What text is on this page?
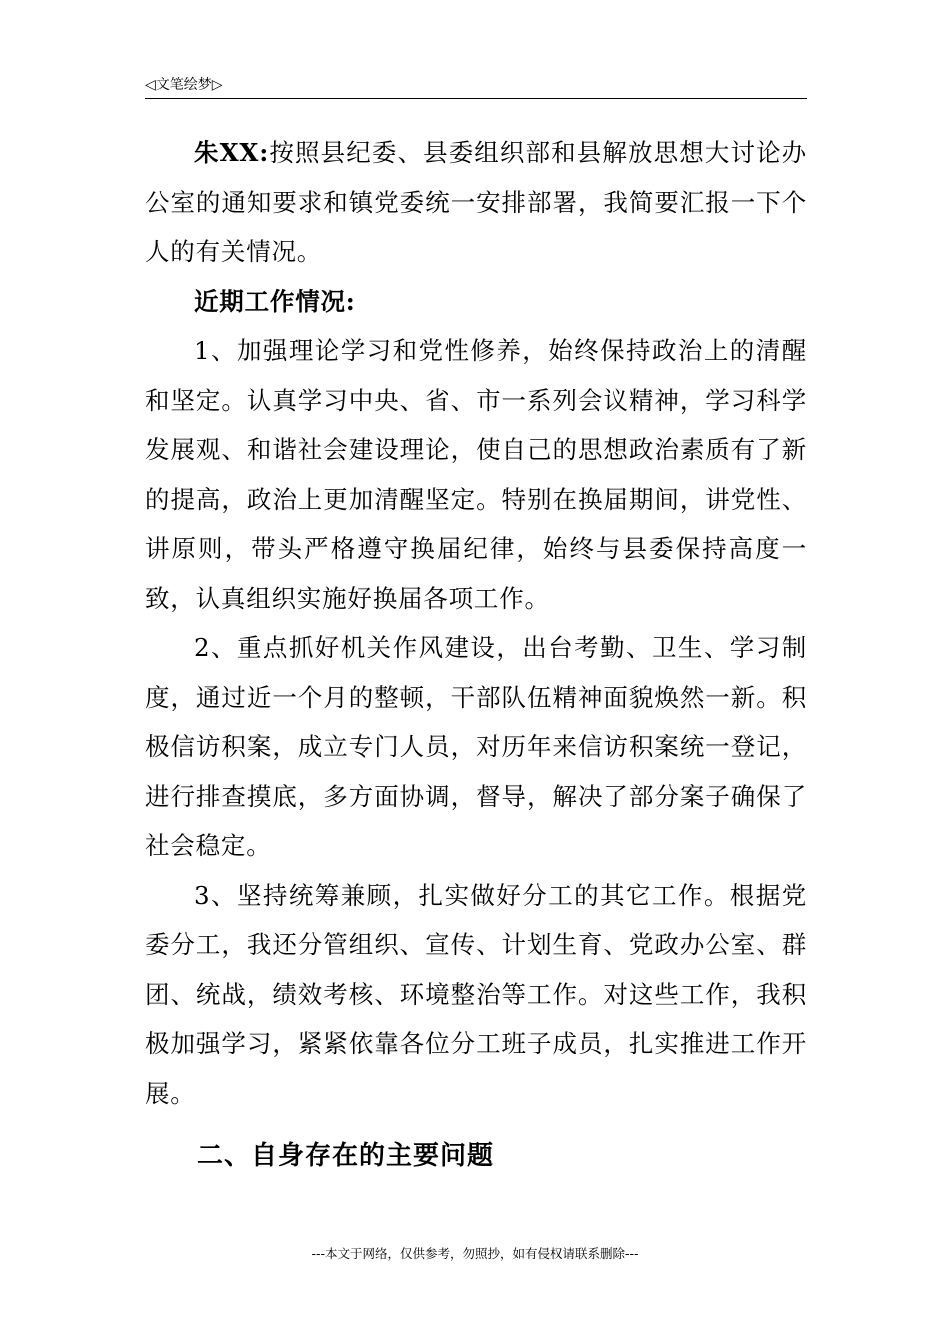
◁文笔绘梦▷

朱XX:按照县纪委、县委组织部和县解放思想大讨论办公室的通知要求和镇党委统一安排部署，我简要汇报一下个人的有关情况。

近期工作情况:

1、加强理论学习和党性修养，始终保持政治上的清醒和坚定。认真学习中央、省、市一系列会议精神，学习科学发展观、和谐社会建设理论，使自己的思想政治素质有了新的提高，政治上更加清醒坚定。特别在换届期间，讲党性、讲原则，带头严格遵守换届纪律，始终与县委保持高度一致，认真组织实施好换届各项工作。

2、重点抓好机关作风建设，出台考勤、卫生、学习制度，通过近一个月的整顿，干部队伍精神面貌焕然一新。积极信访积案，成立专门人员，对历年来信访积案统一登记，进行排查摸底，多方面协调，督导，解决了部分案子确保了社会稳定。

3、坚持统筹兼顾，扎实做好分工的其它工作。根据党委分工，我还分管组织、宣传、计划生育、党政办公室、群团、统战，绩效考核、环境整治等工作。对这些工作，我积极加强学习，紧紧依靠各位分工班子成员，扎实推进工作开展。

二、自身存在的主要问题

---本文于网络，仅供参考，勿照抄，如有侵权请联系删除---
